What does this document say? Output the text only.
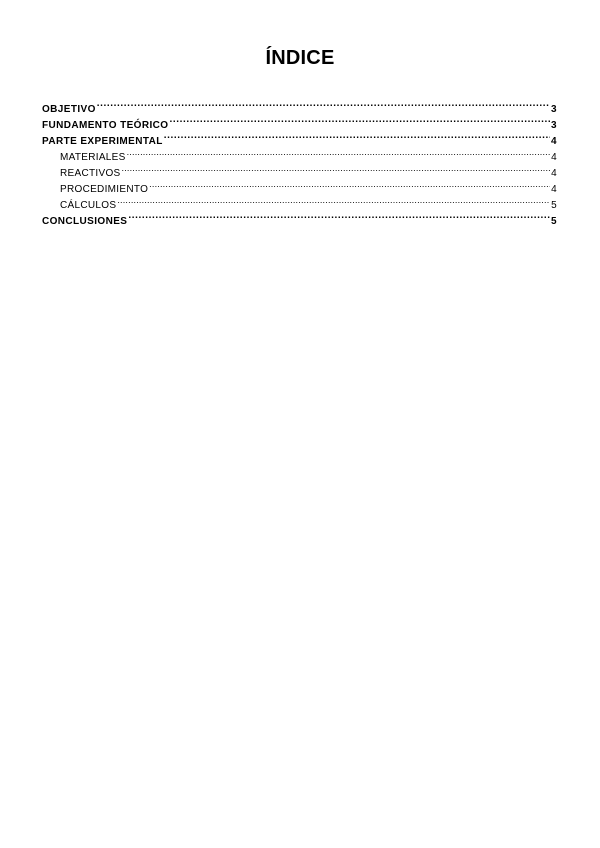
ÍNDICE
OBJETIVO .....	3
FUNDAMENTO TEÓRICO .....	3
PARTE EXPERIMENTAL .....	4
MATERIALES .....	4
REACTIVOS .....	4
PROCEDIMIENTO .....	4
CÁLCULOS .....	5
CONCLUSIONES .....	5
